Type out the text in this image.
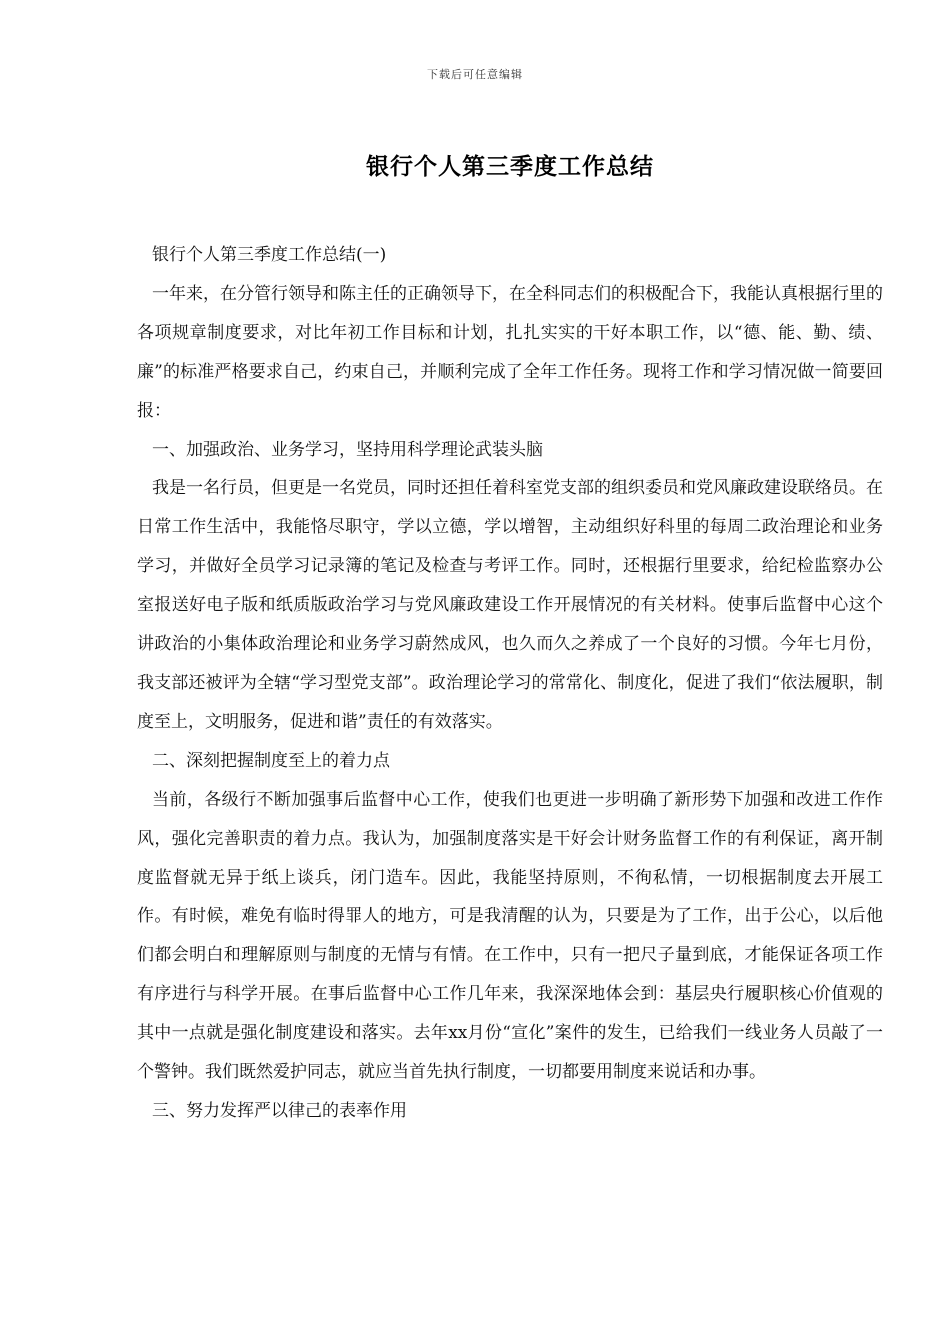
下载后可任意编辑
银行个人第三季度工作总结

银行个人第三季度工作总结(一)

一年来，在分管行领导和陈主任的正确领导下，在全科同志们的积极配合下，我能认真根据行里的各项规章制度要求，对比年初工作目标和计划，扎扎实实的干好本职工作，以“德、能、勤、绩、廉”的标准严格要求自己，约束自己，并顺利完成了全年工作任务。现将工作和学习情况做一简要回报：

一、加强政治、业务学习，坚持用科学理论武装头脑

我是一名行员，但更是一名党员，同时还担任着科室党支部的组织委员和党风廉政建设联络员。在日常工作生活中，我能恪尽职守，学以立德，学以增智，主动组织好科里的每周二政治理论和业务学习，并做好全员学习记录簿的笔记及检查与考评工作。同时，还根据行里要求，给纪检监察办公室报送好电子版和纸质版政治学习与党风廉政建设工作开展情况的有关材料。使事后监督中心这个讲政治的小集体政治理论和业务学习蔚然成风，也久而久之养成了一个良好的习惯。今年七月份，我支部还被评为全辖“学习型党支部”。政治理论学习的常常化、制度化，促进了我们“依法履职，制度至上，文明服务，促进和谐”责任的有效落实。

二、深刻把握制度至上的着力点

当前，各级行不断加强事后监督中心工作，使我们也更进一步明确了新形势下加强和改进工作作风，强化完善职责的着力点。我认为，加强制度落实是干好会计财务监督工作的有利保证，离开制度监督就无异于纸上谈兵，闭门造车。因此，我能坚持原则，不徇私情，一切根据制度去开展工作。有时候，难免有临时得罪人的地方，可是我清醒的认为，只要是为了工作，出于公心，以后他们都会明白和理解原则与制度的无情与有情。在工作中，只有一把尺子量到底，才能保证各项工作有序进行与科学开展。在事后监督中心工作几年来，我深深地体会到：基层央行履职核心价值观的其中一点就是强化制度建设和落实。去年xx月份“宣化”案件的发生，已给我们一线业务人员敲了一个警钟。我们既然爱护同志，就应当首先执行制度，一切都要用制度来说话和办事。

三、努力发挥严以律己的表率作用
